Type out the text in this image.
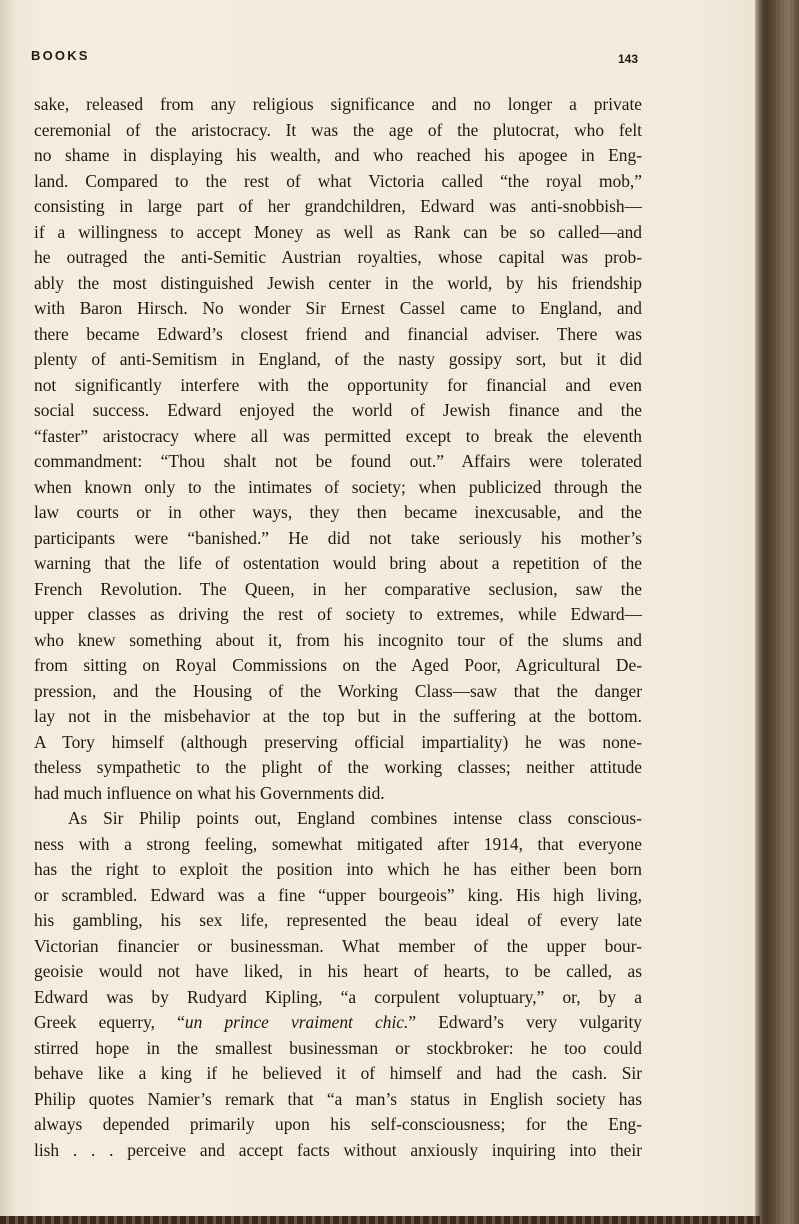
BOOKS	143
sake, released from any religious significance and no longer a private
ceremonial of the aristocracy. It was the age of the plutocrat, who felt
no shame in displaying his wealth, and who reached his apogee in Eng-
land. Compared to the rest of what Victoria called “the royal mob,”
consisting in large part of her grandchildren, Edward was anti-snobbish—
if a willingness to accept Money as well as Rank can be so called—and
he outraged the anti-Semitic Austrian royalties, whose capital was prob-
ably the most distinguished Jewish center in the world, by his friendship
with Baron Hirsch. No wonder Sir Ernest Cassel came to England, and
there became Edward’s closest friend and financial adviser. There was
plenty of anti-Semitism in England, of the nasty gossipy sort, but it did
not significantly interfere with the opportunity for financial and even
social success. Edward enjoyed the world of Jewish finance and the
“faster” aristocracy where all was permitted except to break the eleventh
commandment: “Thou shalt not be found out.” Affairs were tolerated
when known only to the intimates of society; when publicized through the
law courts or in other ways, they then became inexcusable, and the
participants were “banished.” He did not take seriously his mother’s
warning that the life of ostentation would bring about a repetition of the
French Revolution. The Queen, in her comparative seclusion, saw the
upper classes as driving the rest of society to extremes, while Edward—
who knew something about it, from his incognito tour of the slums and
from sitting on Royal Commissions on the Aged Poor, Agricultural De-
pression, and the Housing of the Working Class—saw that the danger
lay not in the misbehavior at the top but in the suffering at the bottom.
A Tory himself (although preserving official impartiality) he was none-
theless sympathetic to the plight of the working classes; neither attitude
had much influence on what his Governments did.
As Sir Philip points out, England combines intense class conscious-
ness with a strong feeling, somewhat mitigated after 1914, that everyone
has the right to exploit the position into which he has either been born
or scrambled. Edward was a fine “upper bourgeois” king. His high living,
his gambling, his sex life, represented the beau ideal of every late
Victorian financier or businessman. What member of the upper bour-
geoisie would not have liked, in his heart of hearts, to be called, as
Edward was by Rudyard Kipling, “a corpulent voluptuary,” or, by a
Greek equerry, “un prince vraiment chic.” Edward’s very vulgarity
stirred hope in the smallest businessman or stockbroker: he too could
behave like a king if he believed it of himself and had the cash. Sir
Philip quotes Namier’s remark that “a man’s status in English society has
always depended primarily upon his self-consciousness; for the Eng-
lish . . . perceive and accept facts without anxiously inquiring into their
